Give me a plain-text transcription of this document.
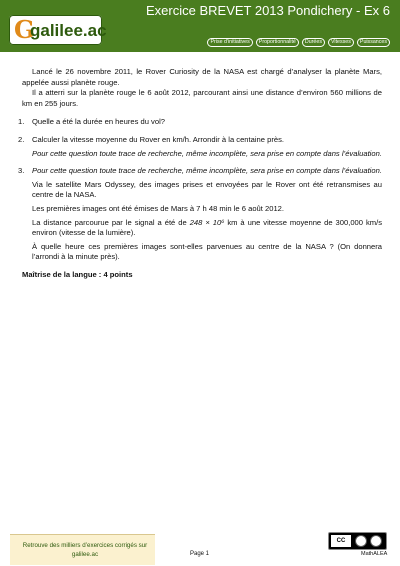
G
galilee.ac
Exercice BREVET 2013 Pondichery - Ex 6
Prise d'initiatives	Proportionnalité	Durées	Vitesses	Puissances

Lancé le 26 novembre 2011, le Rover Curiosity de la NASA est chargé d’analyser la planète Mars, appelée aussi planète rouge.

Il a atterri sur la planète rouge le 6 août 2012, parcourant ainsi une distance d’environ 560 millions de km en 255 jours.

1. Quelle a été la durée en heures du vol?
2. Calculer la vitesse moyenne du Rover en km/h. Arrondir à la centaine près.
Pour cette question toute trace de recherche, même incomplète, sera prise en compte dans l’évaluation.
3. Pour cette question toute trace de recherche, même incomplète, sera prise en compte dans l’évaluation.
Via le satellite Mars Odyssey, des images prises et envoyées par le Rover ont été retransmises au centre de la NASA.
Les premières images ont été émises de Mars à 7 h 48 min le 6 août 2012.
La distance parcourue par le signal a été de 248 × 10⁶ km à une vitesse moyenne de 300,000 km/s environ (vitesse de la lumière).
À quelle heure ces premières images sont-elles parvenues au centre de la NASA ? (On donnera l’arrondi à la minute près).
Maîtrise de la langue : 4 points
Retrouve des milliers d’exercices corrigés sur galilee.ac	Page 1
CC
MathALEA
